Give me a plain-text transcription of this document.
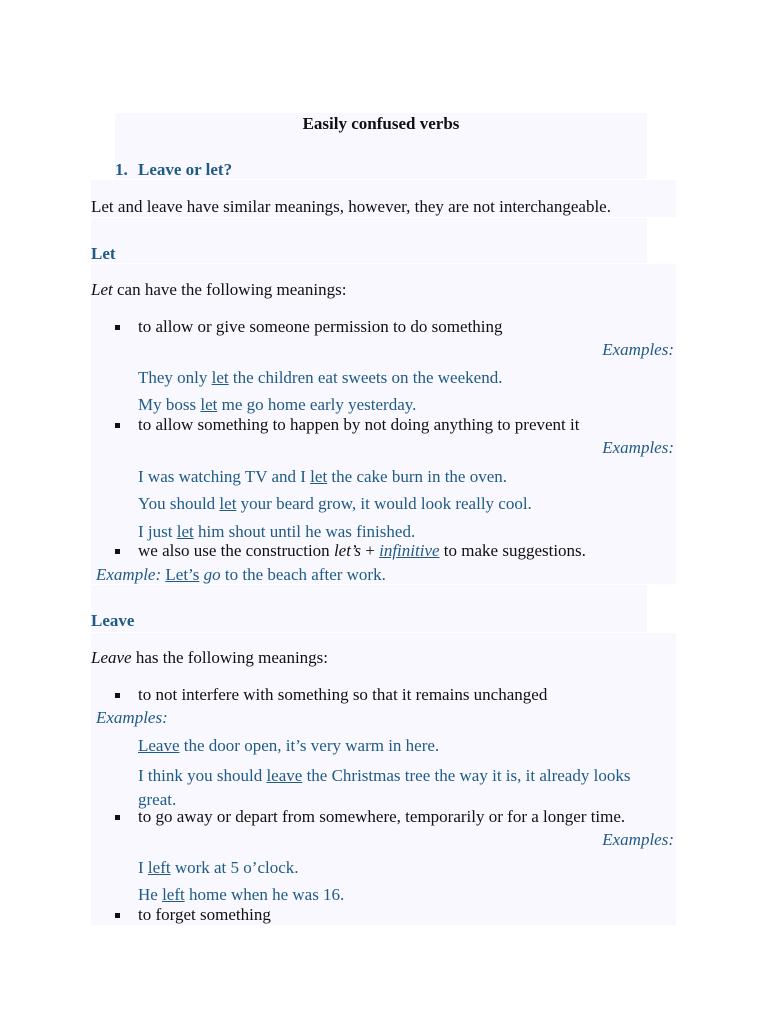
Easily confused verbs
1. Leave or let?
Let and leave have similar meanings, however, they are not interchangeable.
Let
Let can have the following meanings:
to allow or give someone permission to do something
Examples:
They only let the children eat sweets on the weekend.
My boss let me go home early yesterday.
to allow something to happen by not doing anything to prevent it
Examples:
I was watching TV and I let the cake burn in the oven.
You should let your beard grow, it would look really cool.
I just let him shout until he was finished.
we also use the construction let’s + infinitive to make suggestions.
Example: Let’s go to the beach after work.
Leave
Leave has the following meanings:
to not interfere with something so that it remains unchanged
Examples:
Leave the door open, it’s very warm in here.
I think you should leave the Christmas tree the way it is, it already looks great.
to go away or depart from somewhere, temporarily or for a longer time.
Examples:
I left work at 5 o’clock.
He left home when he was 16.
to forget something
